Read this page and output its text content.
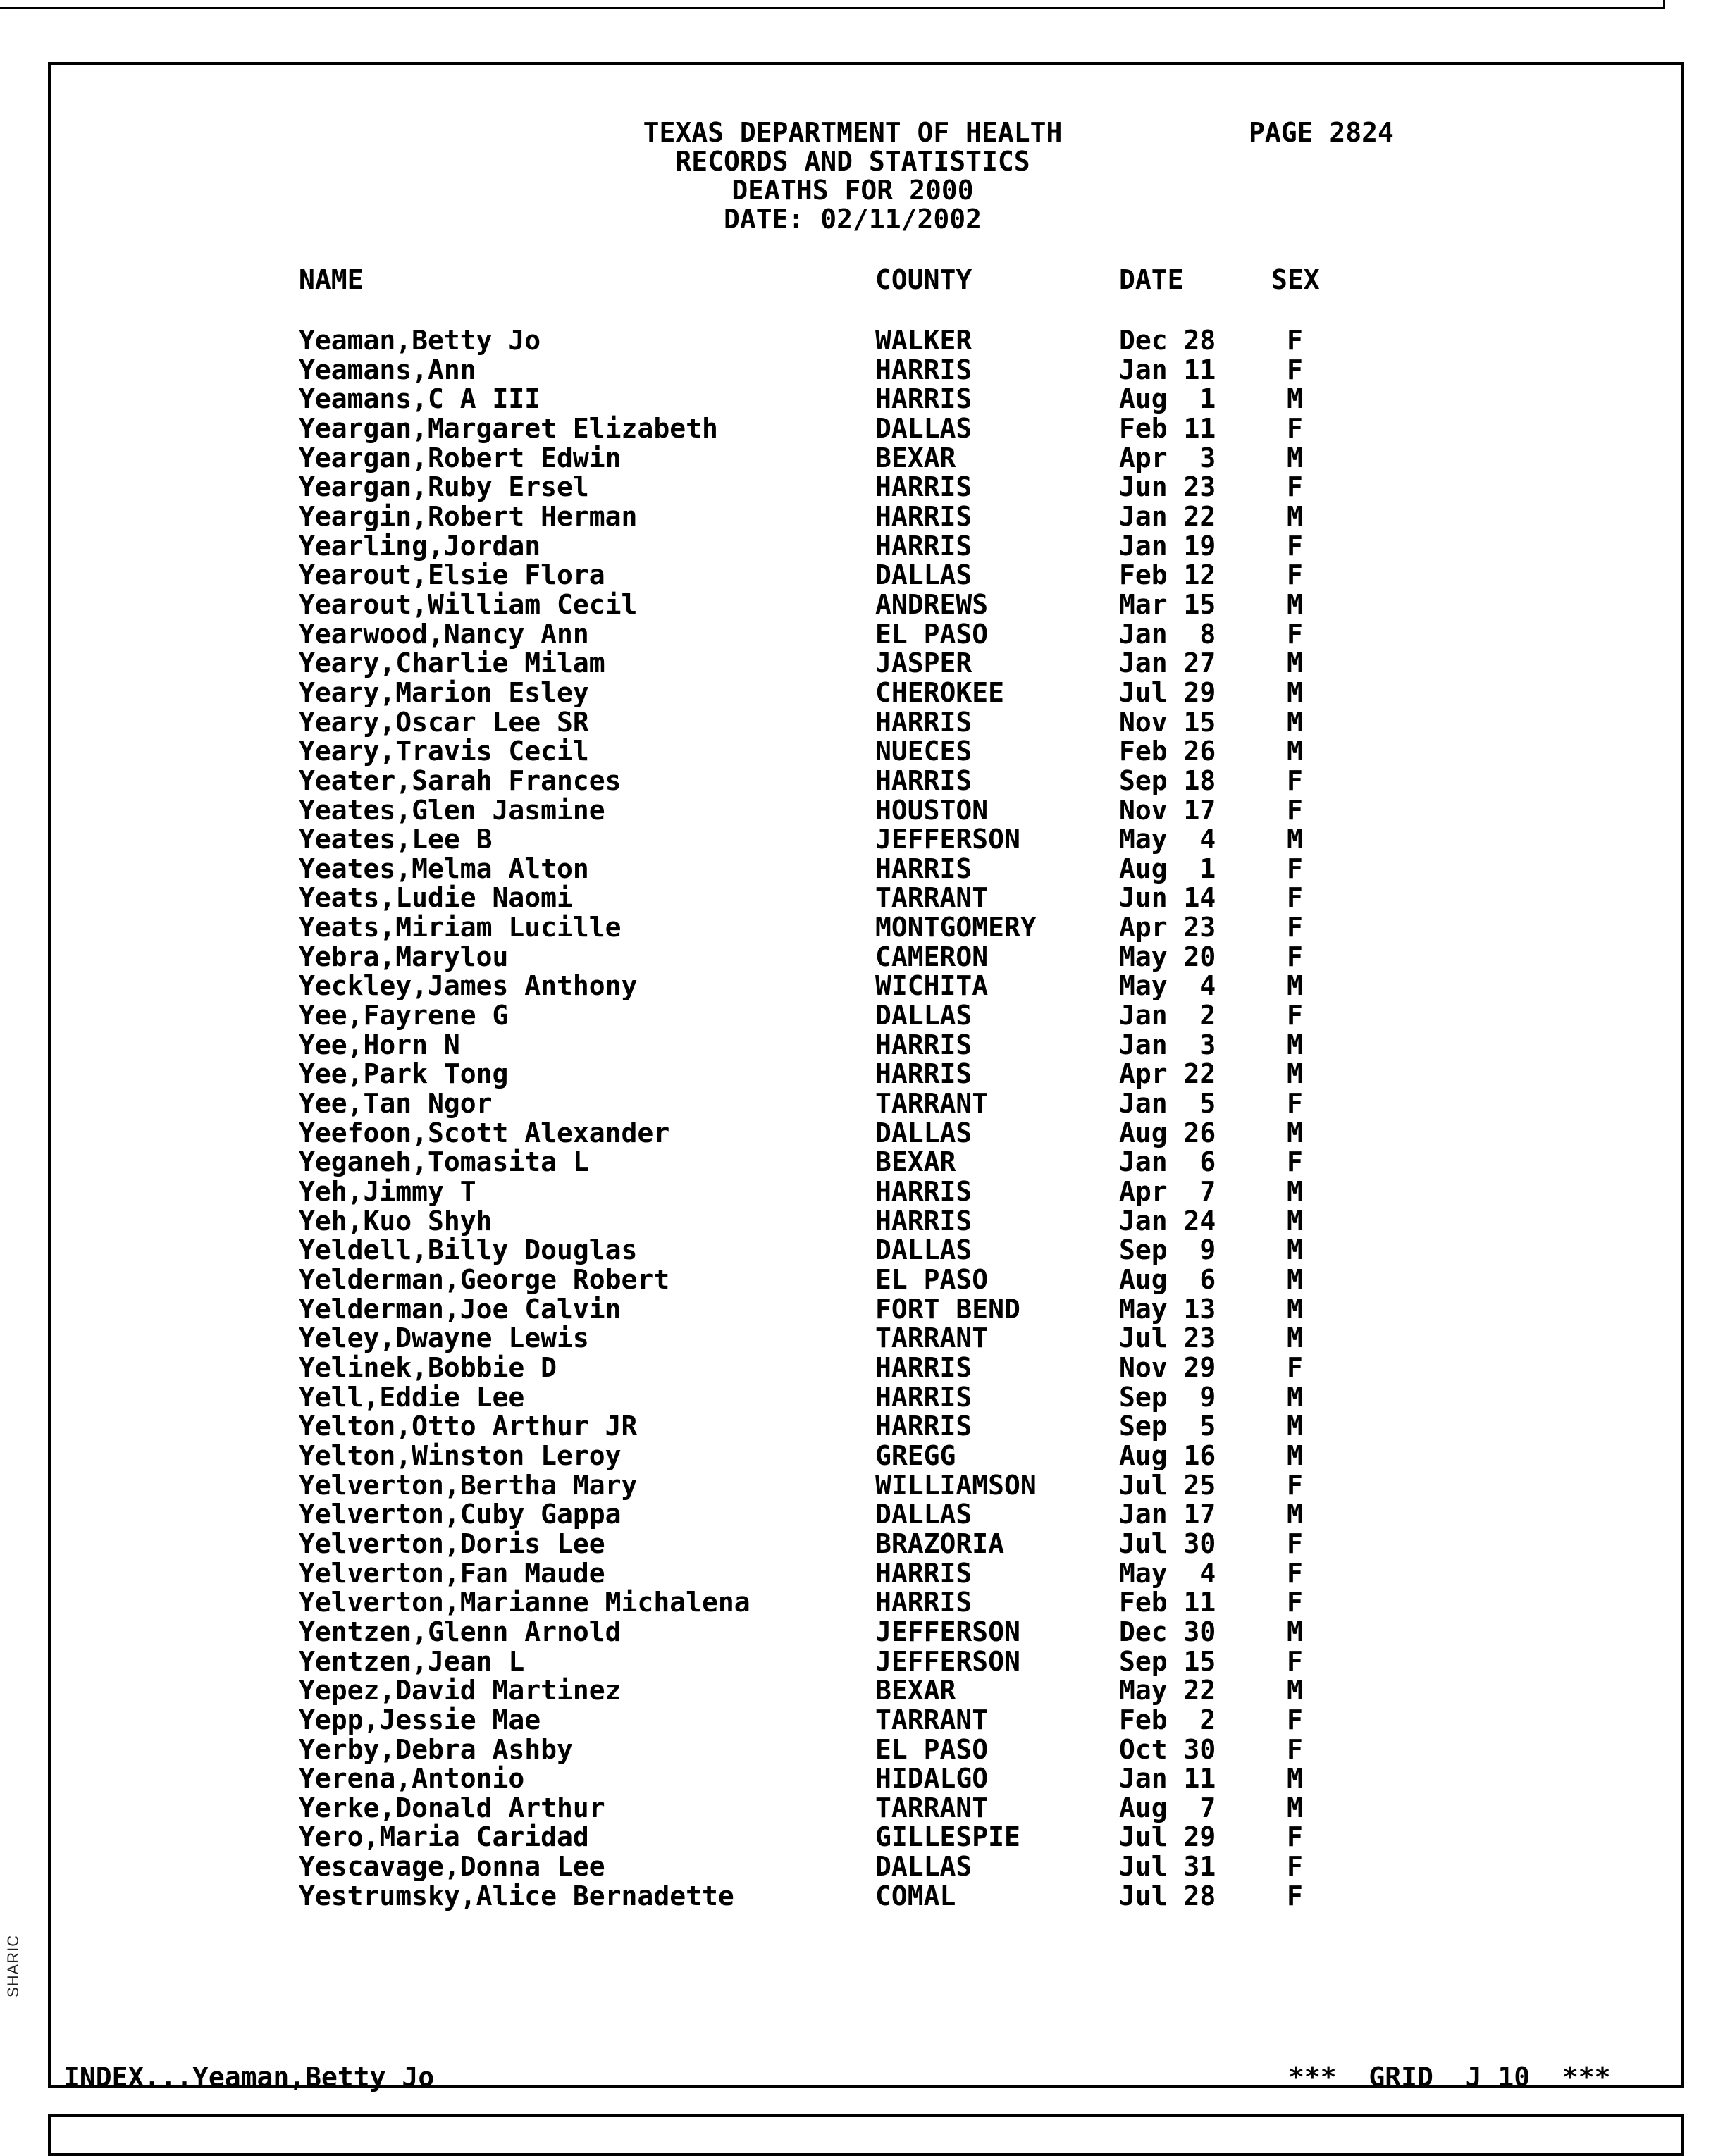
SHARIC
TEXAS DEPARTMENT OF HEALTH
RECORDS AND STATISTICS
DEATHS FOR 2000
DATE: 02/11/2002
PAGE 2824
NAME	COUNTY	DATE	SEX
Yeaman,Betty Jo	WALKER	Dec 28	F
Yeamans,Ann	HARRIS	Jan 11	F
Yeamans,C A III	HARRIS	Aug  1	M
Yeargan,Margaret Elizabeth	DALLAS	Feb 11	F
Yeargan,Robert Edwin	BEXAR	Apr  3	M
Yeargan,Ruby Ersel	HARRIS	Jun 23	F
Yeargin,Robert Herman	HARRIS	Jan 22	M
Yearling,Jordan	HARRIS	Jan 19	F
Yearout,Elsie Flora	DALLAS	Feb 12	F
Yearout,William Cecil	ANDREWS	Mar 15	M
Yearwood,Nancy Ann	EL PASO	Jan  8	F
Yeary,Charlie Milam	JASPER	Jan 27	M
Yeary,Marion Esley	CHEROKEE	Jul 29	M
Yeary,Oscar Lee SR	HARRIS	Nov 15	M
Yeary,Travis Cecil	NUECES	Feb 26	M
Yeater,Sarah Frances	HARRIS	Sep 18	F
Yeates,Glen Jasmine	HOUSTON	Nov 17	F
Yeates,Lee B	JEFFERSON	May  4	M
Yeates,Melma Alton	HARRIS	Aug  1	F
Yeats,Ludie Naomi	TARRANT	Jun 14	F
Yeats,Miriam Lucille	MONTGOMERY	Apr 23	F
Yebra,Marylou	CAMERON	May 20	F
Yeckley,James Anthony	WICHITA	May  4	M
Yee,Fayrene G	DALLAS	Jan  2	F
Yee,Horn N	HARRIS	Jan  3	M
Yee,Park Tong	HARRIS	Apr 22	M
Yee,Tan Ngor	TARRANT	Jan  5	F
Yeefoon,Scott Alexander	DALLAS	Aug 26	M
Yeganeh,Tomasita L	BEXAR	Jan  6	F
Yeh,Jimmy T	HARRIS	Apr  7	M
Yeh,Kuo Shyh	HARRIS	Jan 24	M
Yeldell,Billy Douglas	DALLAS	Sep  9	M
Yelderman,George Robert	EL PASO	Aug  6	M
Yelderman,Joe Calvin	FORT BEND	May 13	M
Yeley,Dwayne Lewis	TARRANT	Jul 23	M
Yelinek,Bobbie D	HARRIS	Nov 29	F
Yell,Eddie Lee	HARRIS	Sep  9	M
Yelton,Otto Arthur JR	HARRIS	Sep  5	M
Yelton,Winston Leroy	GREGG	Aug 16	M
Yelverton,Bertha Mary	WILLIAMSON	Jul 25	F
Yelverton,Cuby Gappa	DALLAS	Jan 17	M
Yelverton,Doris Lee	BRAZORIA	Jul 30	F
Yelverton,Fan Maude	HARRIS	May  4	F
Yelverton,Marianne Michalena	HARRIS	Feb 11	F
Yentzen,Glenn Arnold	JEFFERSON	Dec 30	M
Yentzen,Jean L	JEFFERSON	Sep 15	F
Yepez,David Martinez	BEXAR	May 22	M
Yepp,Jessie Mae	TARRANT	Feb  2	F
Yerby,Debra Ashby	EL PASO	Oct 30	F
Yerena,Antonio	HIDALGO	Jan 11	M
Yerke,Donald Arthur	TARRANT	Aug  7	M
Yero,Maria Caridad	GILLESPIE	Jul 29	F
Yescavage,Donna Lee	DALLAS	Jul 31	F
Yestrumsky,Alice Bernadette	COMAL	Jul 28	F
INDEX...Yeaman,Betty Jo	***  GRID  J 10  ***
